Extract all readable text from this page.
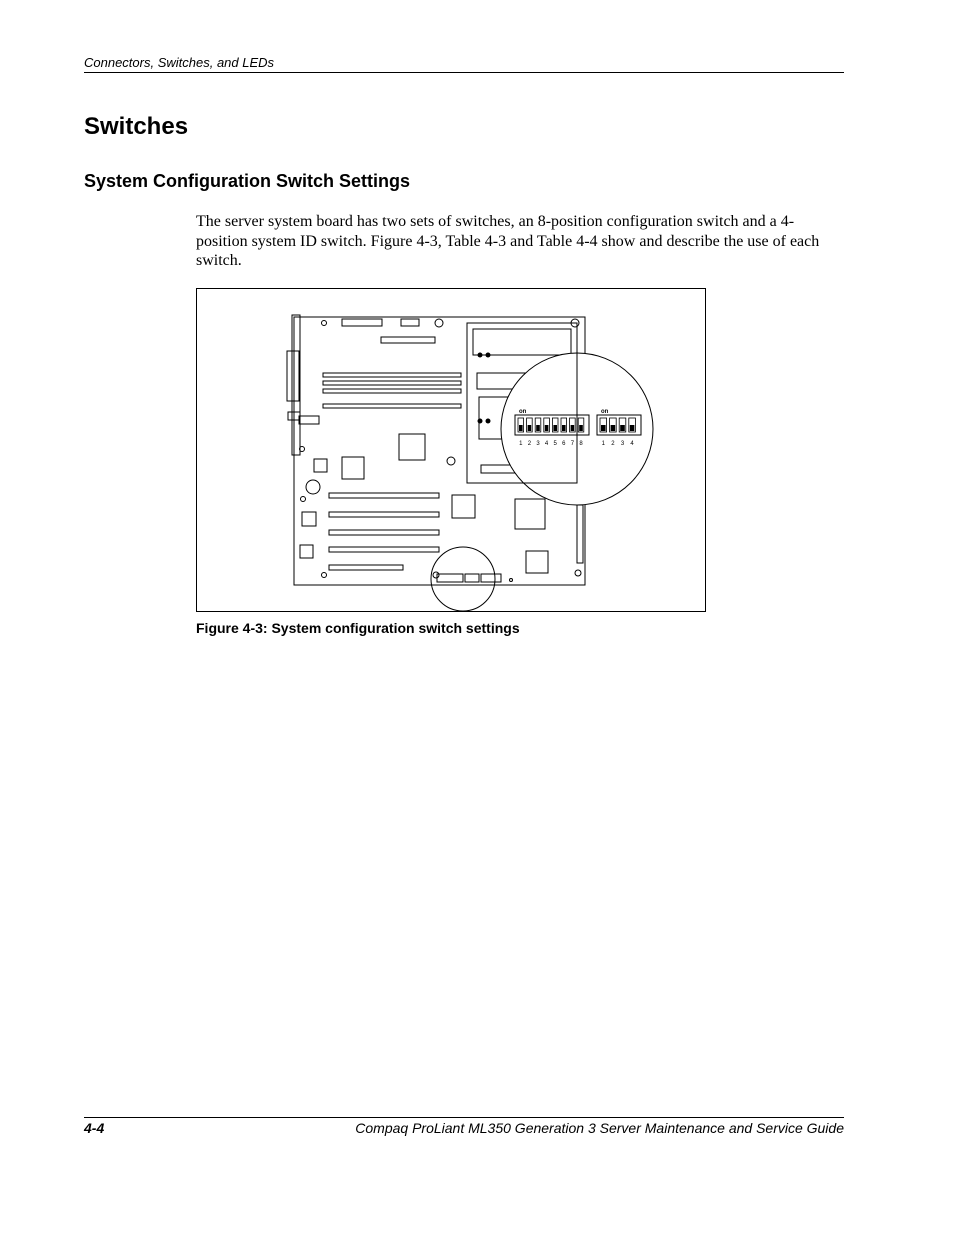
Connectors, Switches, and LEDs
Switches
System Configuration Switch Settings

The server system board has two sets of switches, an 8-position configuration switch and a 4-position system ID switch. Figure 4-3, Table 4-3 and Table 4-4 show and describe the use of each switch.

on
1 2 3 4 5 6 7 8
on
1 2 3 4
Figure 4-3: System configuration switch settings
4-4	Compaq ProLiant ML350 Generation 3 Server Maintenance and Service Guide
